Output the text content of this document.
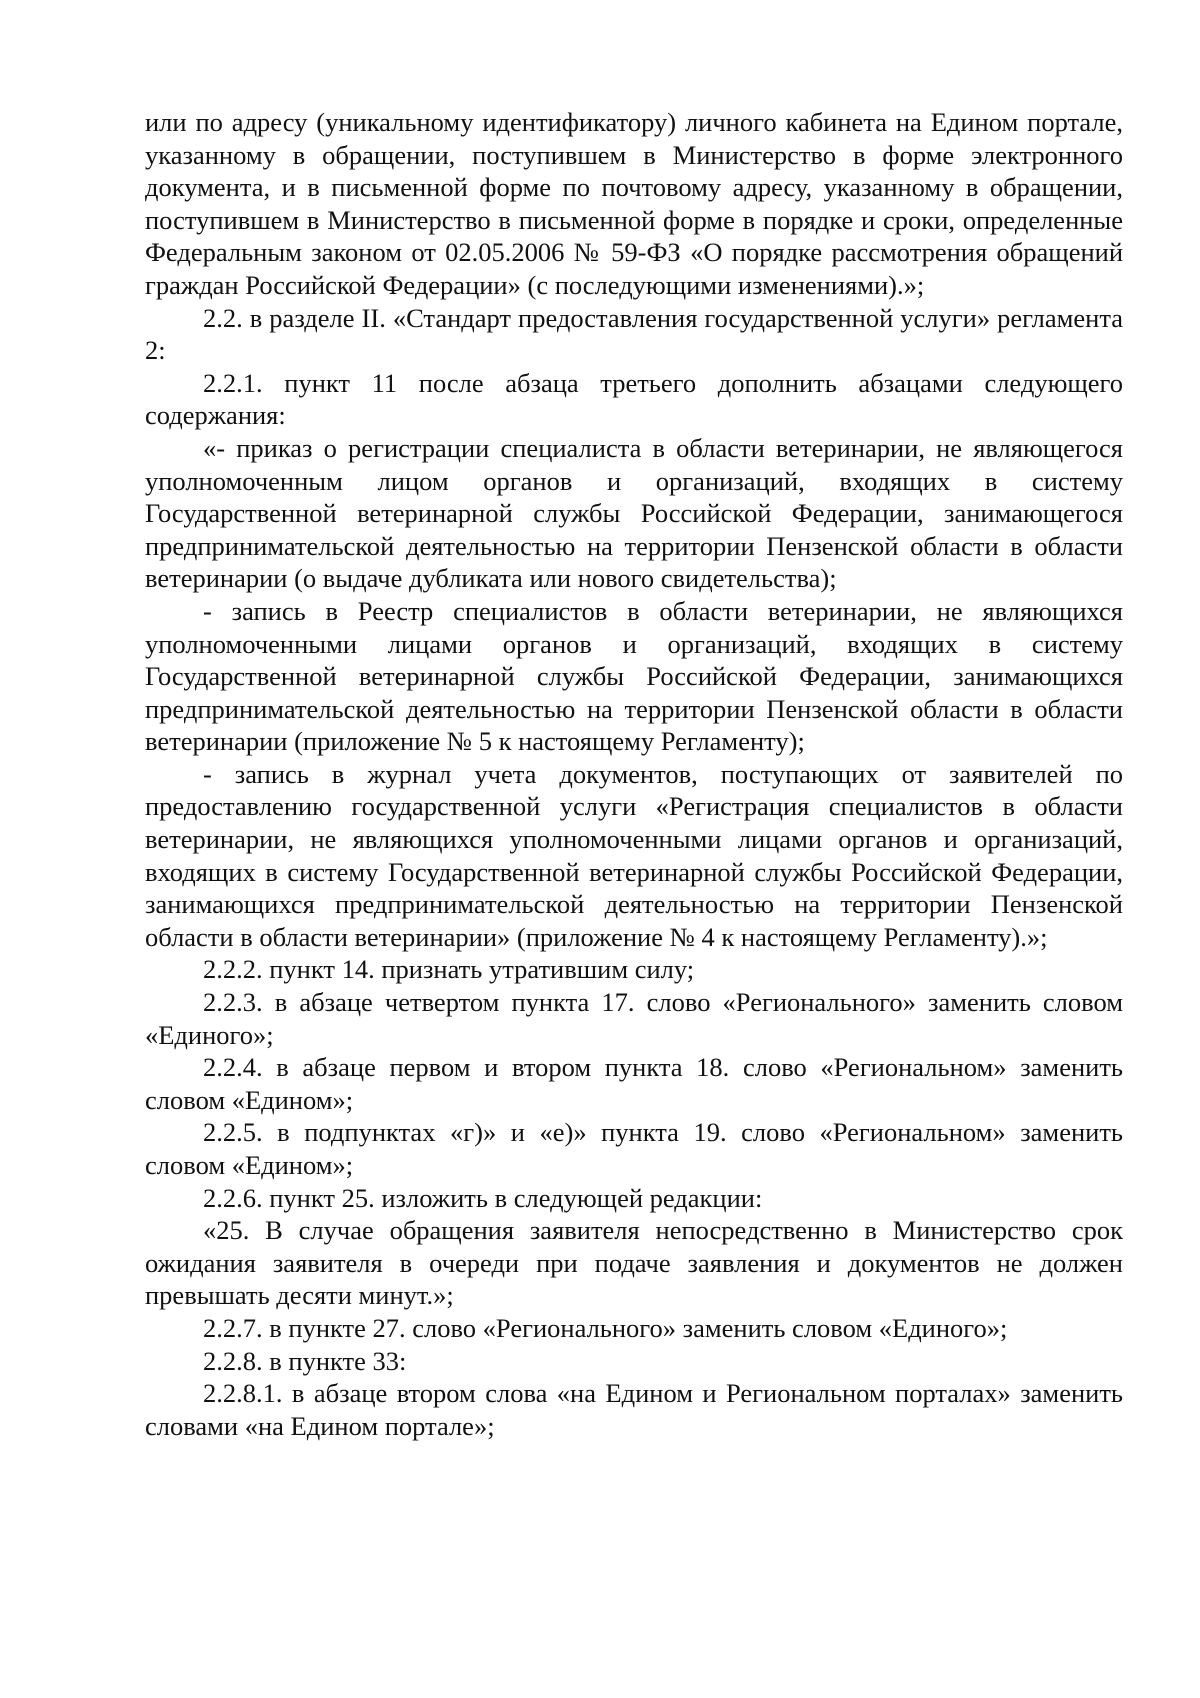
или по адресу (уникальному идентификатору) личного кабинета на Едином портале, указанному в обращении, поступившем в Министерство в форме электронного документа, и в письменной форме по почтовому адресу, указанному в обращении, поступившем в Министерство в письменной форме в порядке и сроки, определенные Федеральным законом от 02.05.2006 № 59-ФЗ «О порядке рассмотрения обращений граждан Российской Федерации» (с последующими изменениями).»;

2.2. в разделе II. «Стандарт предоставления государственной услуги» регламента 2:

2.2.1. пункт 11 после абзаца третьего дополнить абзацами следующего содержания:

«- приказ о регистрации специалиста в области ветеринарии, не являющегося уполномоченным лицом органов и организаций, входящих в систему Государственной ветеринарной службы Российской Федерации, занимающегося предпринимательской деятельностью на территории Пензенской области в области ветеринарии (о выдаче дубликата или нового свидетельства);

- запись в Реестр специалистов в области ветеринарии, не являющихся уполномоченными лицами органов и организаций, входящих в систему Государственной ветеринарной службы Российской Федерации, занимающихся предпринимательской деятельностью на территории Пензенской области в области ветеринарии (приложение № 5 к настоящему Регламенту);

- запись в журнал учета документов, поступающих от заявителей по предоставлению государственной услуги «Регистрация специалистов в области ветеринарии, не являющихся уполномоченными лицами органов и организаций, входящих в систему Государственной ветеринарной службы Российской Федерации, занимающихся предпринимательской деятельностью на территории Пензенской области в области ветеринарии» (приложение № 4 к настоящему Регламенту).»;

2.2.2. пункт 14. признать утратившим силу;

2.2.3. в абзаце четвертом пункта 17. слово «Регионального» заменить словом «Единого»;

2.2.4. в абзаце первом и втором пункта 18. слово «Региональном» заменить словом «Едином»;

2.2.5. в подпунктах «г)» и «е)» пункта 19. слово «Региональном» заменить словом «Едином»;

2.2.6. пункт 25. изложить в следующей редакции:

«25. В случае обращения заявителя непосредственно в Министерство срок ожидания заявителя в очереди при подаче заявления и документов не должен превышать десяти минут.»;

2.2.7. в пункте 27. слово «Регионального» заменить словом «Единого»;

2.2.8. в пункте 33:

2.2.8.1. в абзаце втором слова «на Едином и Региональном порталах» заменить словами «на Едином портале»;
